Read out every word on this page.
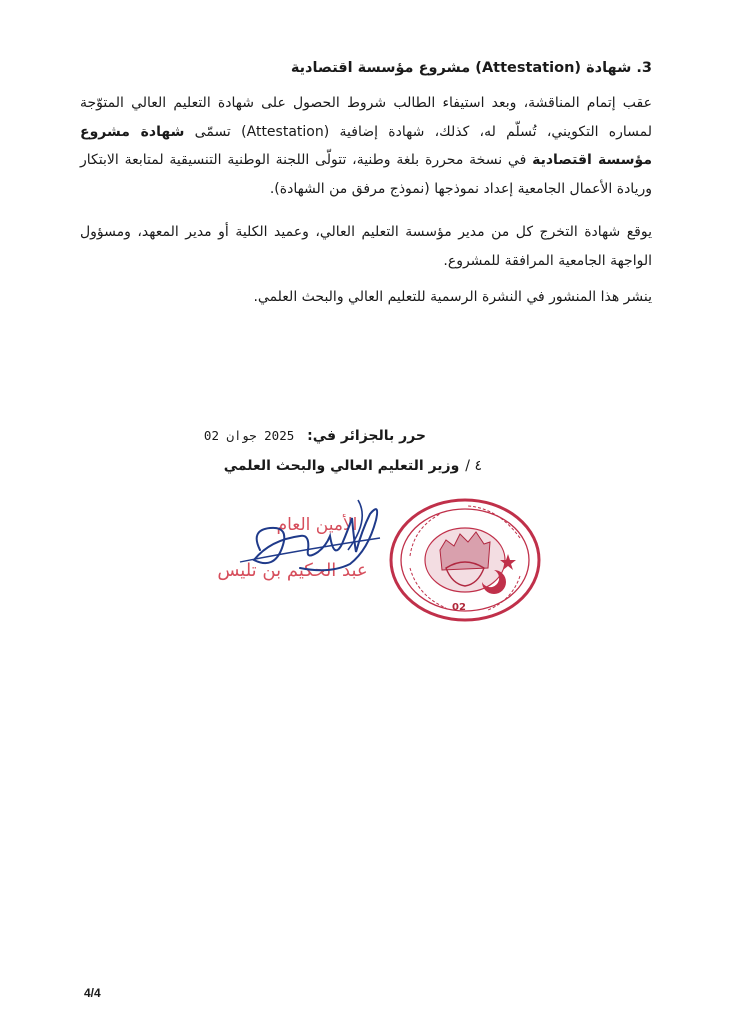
3. شهادة (Attestation) مشروع مؤسسة اقتصادية

عقب إتمام المناقشة، وبعد استيفاء الطالب شروط الحصول على شهادة التعليم العالي المتوّجة لمساره التكويني، تُسلّم له، كذلك، شهادة إضافية (Attestation) تسمّى شهادة مشروع مؤسسة اقتصادية في نسخة محررة بلغة وطنية، تتولّى اللجنة الوطنية التنسيقية لمتابعة الابتكار وريادة الأعمال الجامعية إعداد نموذجها (نموذج مرفق من الشهادة).

يوقع شهادة التخرج كل من مدير مؤسسة التعليم العالي، وعميد الكلية أو مدير المعهد، ومسؤول الواجهة الجامعية المرافقة للمشروع.

ينشر هذا المنشور في النشرة الرسمية للتعليم العالي والبحث العلمي.

حرر بالجزائر في: 2025 جوان 02
٤ /وزير التعليم العالي والبحث العلمي
02
الأمين العام
عبد الحكيم بن تليس
4/4
